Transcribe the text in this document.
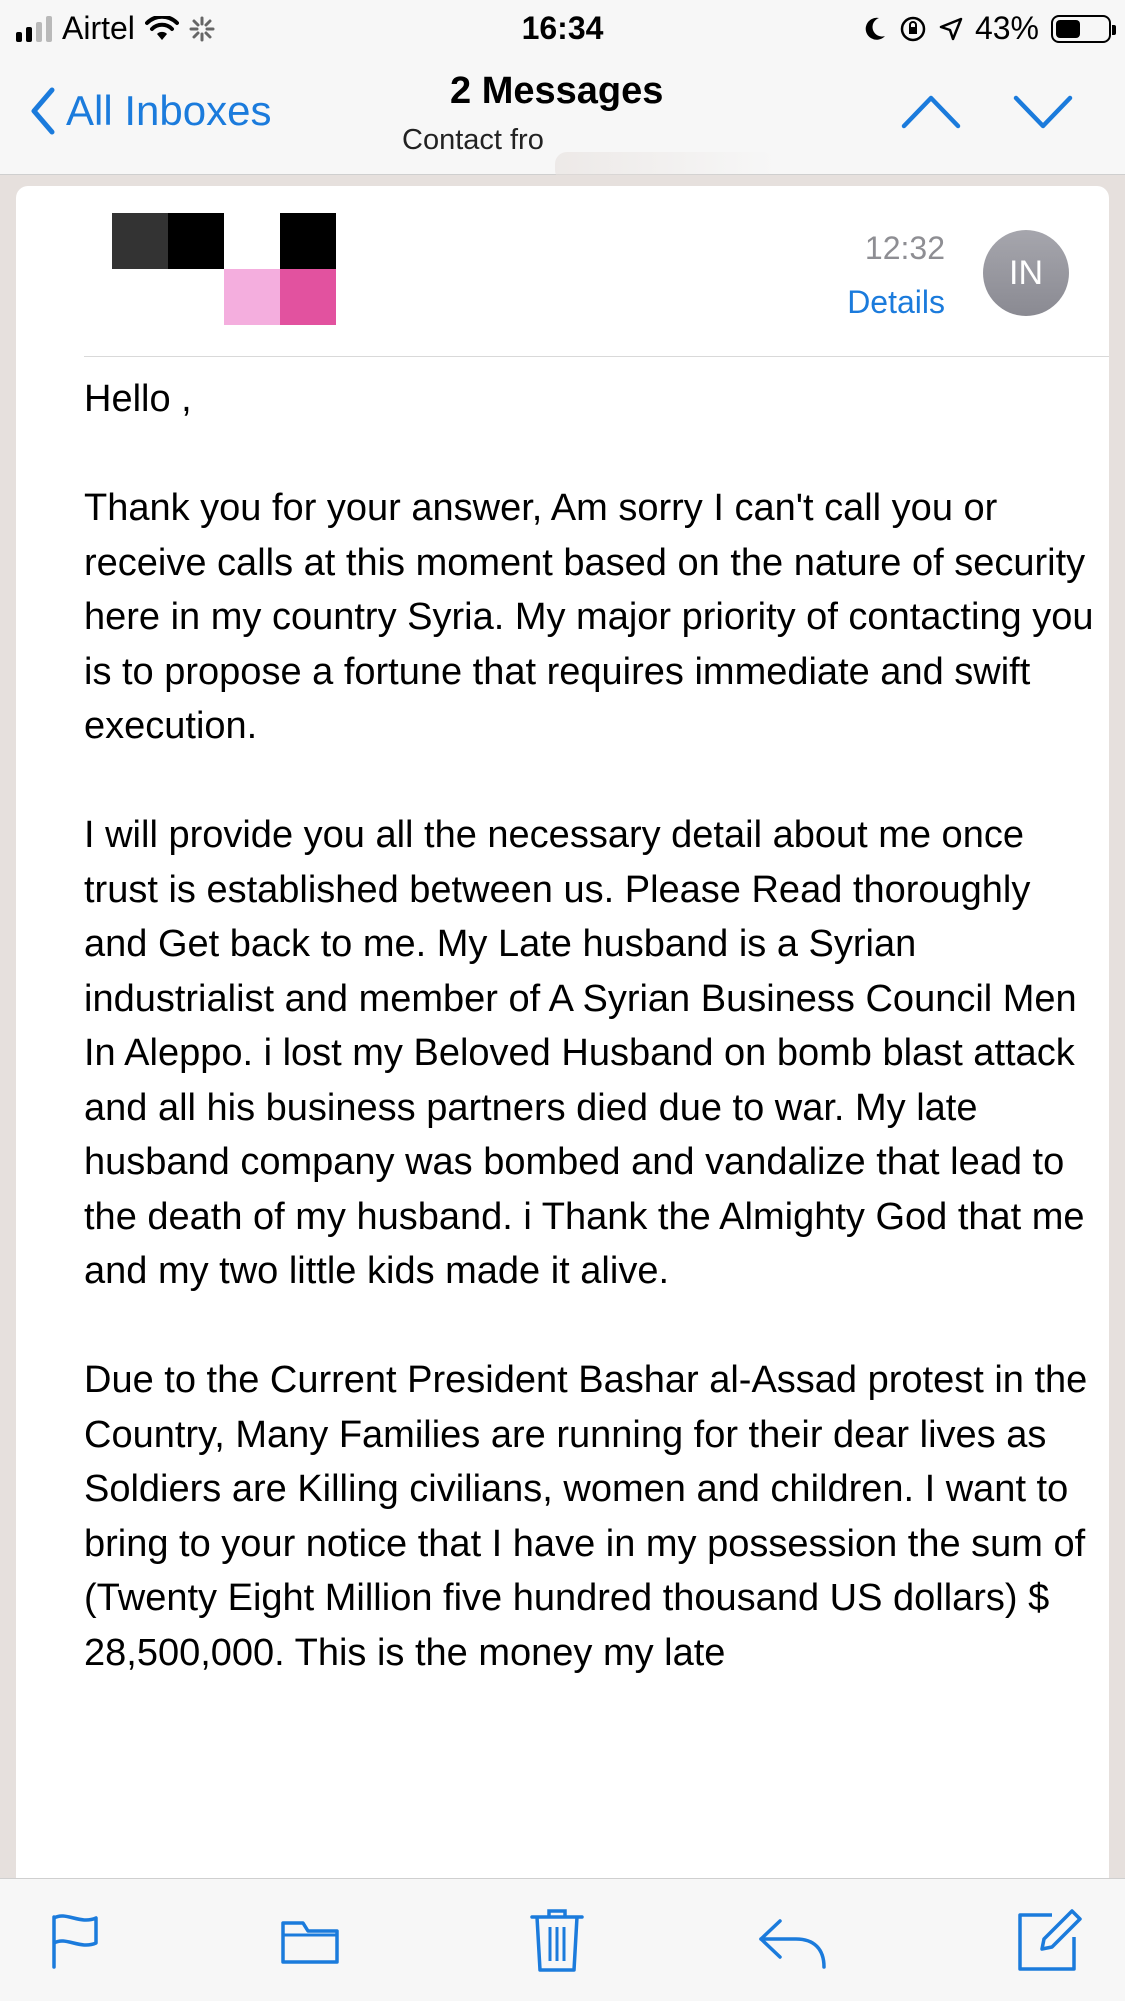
Airtel	16:34	43%
All Inboxes	2 Messages
Contact fro
12:32
Details
IN

Hello ,

Thank you for your answer, Am sorry I can't call you or receive calls at this moment based on the nature of security here in my country Syria. My major priority of contacting you is to propose a fortune that requires immediate and swift execution.

I will provide you all the necessary detail about me once trust is established between us. Please Read thoroughly and Get back to me. My Late husband is a Syrian industrialist and member of A Syrian Business Council Men In Aleppo. i lost my Beloved Husband on bomb blast attack and all his business partners died due to war. My late husband company was bombed and vandalize that lead to the death of my husband. i Thank the Almighty God that me and my two little kids made it alive.

Due to the Current President Bashar al-Assad protest in the Country, Many Families are running for their dear lives as Soldiers are Killing civilians, women and children. I want to bring to your notice that I have in my possession the sum of (Twenty Eight Million five hundred thousand US dollars) $ 28,500,000. This is the money my late
